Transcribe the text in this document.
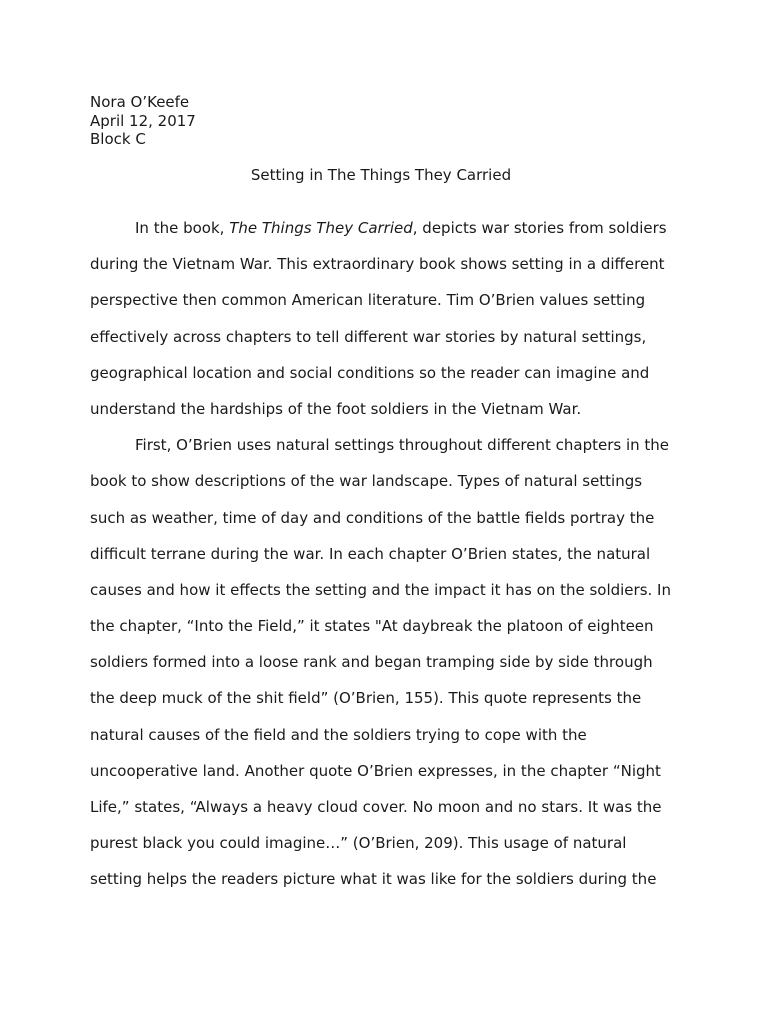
Nora O’Keefe
April 12, 2017
Block C
Setting in The Things They Carried
In the book, The Things They Carried, depicts war stories from soldiers
during the Vietnam War. This extraordinary book shows setting in a different
perspective then common American literature. Tim O’Brien values setting
effectively across chapters to tell different war stories by natural settings,
geographical location and social conditions so the reader can imagine and
understand the hardships of the foot soldiers in the Vietnam War.
First, O’Brien uses natural settings throughout different chapters in the
book to show descriptions of the war landscape. Types of natural settings
such as weather, time of day and conditions of the battle fields portray the
difficult terrane during the war. In each chapter O’Brien states, the natural
causes and how it effects the setting and the impact it has on the soldiers. In
the chapter, “Into the Field,” it states "At daybreak the platoon of eighteen
soldiers formed into a loose rank and began tramping side by side through
the deep muck of the shit field” (O’Brien, 155). This quote represents the
natural causes of the field and the soldiers trying to cope with the
uncooperative land. Another quote O’Brien expresses, in the chapter “Night
Life,” states, “Always a heavy cloud cover. No moon and no stars. It was the
purest black you could imagine…” (O’Brien, 209). This usage of natural
setting helps the readers picture what it was like for the soldiers during the
